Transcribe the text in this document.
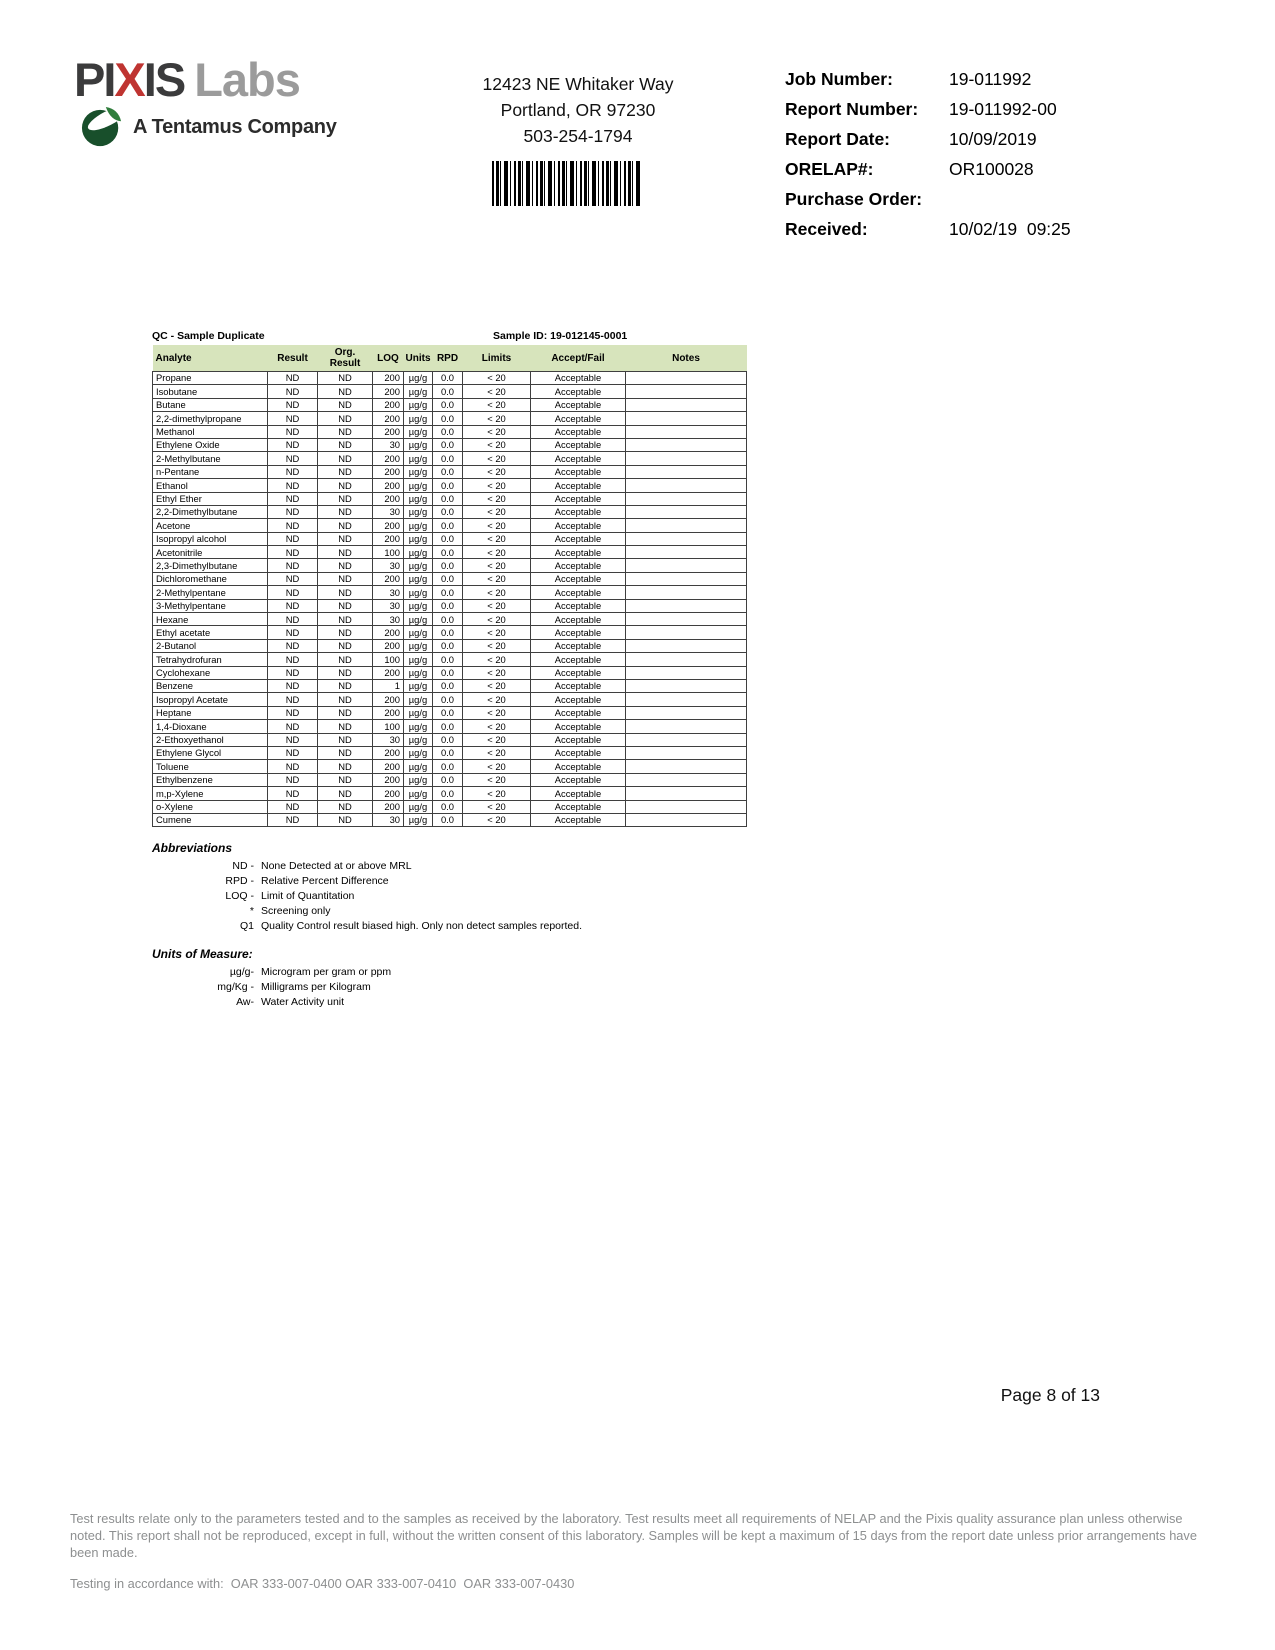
PIXIS Labs
A Tentamus Company
12423 NE Whitaker Way
Portland, OR 97230
503-254-1794
Job Number:	19-011992
Report Number:	19-011992-00
Report Date:	10/09/2019
ORELAP#:	OR100028
Purchase Order:
Received:	10/02/19  09:25
QC - Sample Duplicate	Sample ID: 19-012145-0001
Analyte	Result	Org. Result	LOQ	Units	RPD	Limits	Accept/Fail	Notes
Propane	ND	ND	200	µg/g	0.0	< 20	Acceptable	
Isobutane	ND	ND	200	µg/g	0.0	< 20	Acceptable	
Butane	ND	ND	200	µg/g	0.0	< 20	Acceptable	
2,2-dimethylpropane	ND	ND	200	µg/g	0.0	< 20	Acceptable	
Methanol	ND	ND	200	µg/g	0.0	< 20	Acceptable	
Ethylene Oxide	ND	ND	30	µg/g	0.0	< 20	Acceptable	
2-Methylbutane	ND	ND	200	µg/g	0.0	< 20	Acceptable	
n-Pentane	ND	ND	200	µg/g	0.0	< 20	Acceptable	
Ethanol	ND	ND	200	µg/g	0.0	< 20	Acceptable	
Ethyl Ether	ND	ND	200	µg/g	0.0	< 20	Acceptable	
2,2-Dimethylbutane	ND	ND	30	µg/g	0.0	< 20	Acceptable	
Acetone	ND	ND	200	µg/g	0.0	< 20	Acceptable	
Isopropyl alcohol	ND	ND	200	µg/g	0.0	< 20	Acceptable	
Acetonitrile	ND	ND	100	µg/g	0.0	< 20	Acceptable	
2,3-Dimethylbutane	ND	ND	30	µg/g	0.0	< 20	Acceptable	
Dichloromethane	ND	ND	200	µg/g	0.0	< 20	Acceptable	
2-Methylpentane	ND	ND	30	µg/g	0.0	< 20	Acceptable	
3-Methylpentane	ND	ND	30	µg/g	0.0	< 20	Acceptable	
Hexane	ND	ND	30	µg/g	0.0	< 20	Acceptable	
Ethyl acetate	ND	ND	200	µg/g	0.0	< 20	Acceptable	
2-Butanol	ND	ND	200	µg/g	0.0	< 20	Acceptable	
Tetrahydrofuran	ND	ND	100	µg/g	0.0	< 20	Acceptable	
Cyclohexane	ND	ND	200	µg/g	0.0	< 20	Acceptable	
Benzene	ND	ND	1	µg/g	0.0	< 20	Acceptable	
Isopropyl Acetate	ND	ND	200	µg/g	0.0	< 20	Acceptable	
Heptane	ND	ND	200	µg/g	0.0	< 20	Acceptable	
1,4-Dioxane	ND	ND	100	µg/g	0.0	< 20	Acceptable	
2-Ethoxyethanol	ND	ND	30	µg/g	0.0	< 20	Acceptable	
Ethylene Glycol	ND	ND	200	µg/g	0.0	< 20	Acceptable	
Toluene	ND	ND	200	µg/g	0.0	< 20	Acceptable	
Ethylbenzene	ND	ND	200	µg/g	0.0	< 20	Acceptable	
m,p-Xylene	ND	ND	200	µg/g	0.0	< 20	Acceptable	
o-Xylene	ND	ND	200	µg/g	0.0	< 20	Acceptable	
Cumene	ND	ND	30	µg/g	0.0	< 20	Acceptable	
Abbreviations
ND - None Detected at or above MRL
RPD - Relative Percent Difference
LOQ - Limit of Quantitation
* Screening only
Q1 Quality Control result biased high. Only non detect samples reported.
Units of Measure:
µg/g- Microgram per gram or ppm
mg/Kg - Milligrams per Kilogram
Aw- Water Activity unit
Page 8 of 13
Test results relate only to the parameters tested and to the samples as received by the laboratory. Test results meet all requirements of NELAP and the Pixis quality assurance plan unless otherwise noted. This report shall not be reproduced, except in full, without the written consent of this laboratory. Samples will be kept a maximum of 15 days from the report date unless prior arrangements have been made.
Testing in accordance with:  OAR 333-007-0400 OAR 333-007-0410  OAR 333-007-0430
